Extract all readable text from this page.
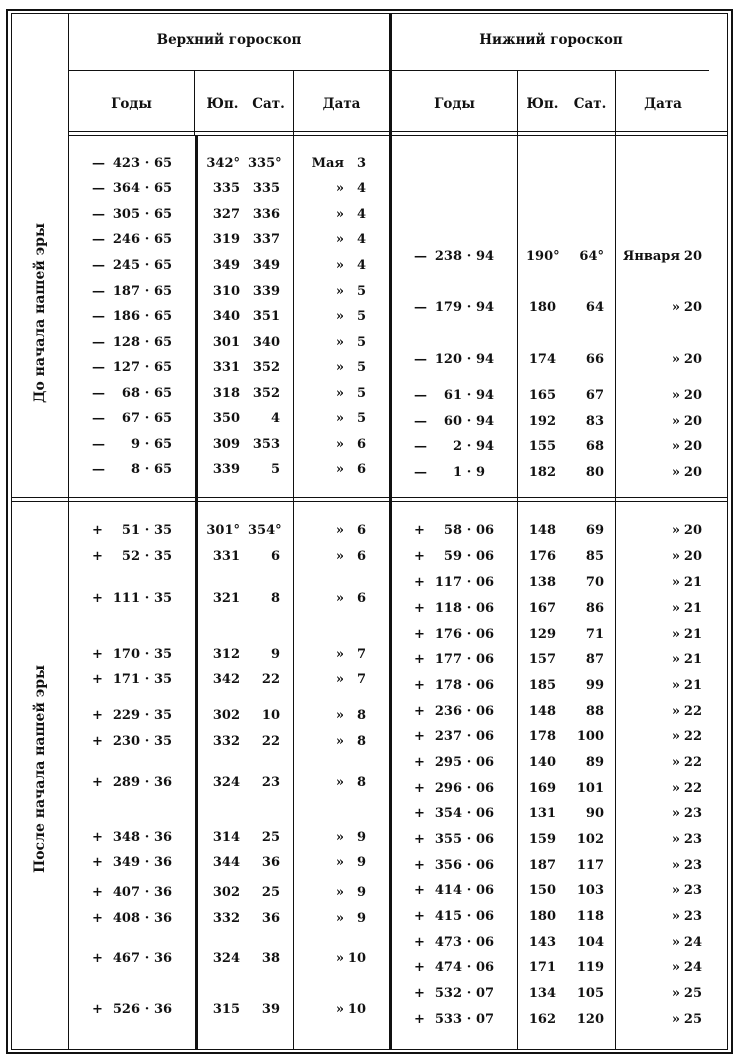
Верхний гороскоп	Нижний гороскоп
Годы	Юп.	Сат.	Дата	Годы	Юп.	Сат.	Дата
До начала нашей эры
После начала нашей эры
— 423 · 65	342° 335°	Мая 3
— 364 · 65	335 335	» 4
— 305 · 65	327 336	» 4
— 246 · 65	319 337	» 4
— 245 · 65	349 349	» 4
— 187 · 65	310 339	» 5
— 186 · 65	340 351	» 5
— 128 · 65	301 340	» 5
— 127 · 65	331 352	» 5
— 68 · 65	318 352	» 5
— 67 · 65	350	4	» 5
— 9 · 65	309 353	» 6
— 8 · 65	339	5	» 6
+ 51 · 35	301° 354°	» 6
+ 52 · 35	331	6	» 6
+ 111 · 35	321	8	» 6
+ 170 · 35	312	9	» 7
+ 171 · 35	342	22	» 7
+ 229 · 35	302	10	» 8
+ 230 · 35	332	22	» 8
+ 289 · 36	324	23	» 8
+ 348 · 36	314	25	» 9
+ 349 · 36	344	36	» 9
+ 407 · 36	302	25	» 9
+ 408 · 36	332	36	» 9
+ 467 · 36	324	38	» 10
+ 526 · 36	315	39	» 10
— 238 · 94	190°	64° Января 20
— 179 · 94	180	64	» 20
— 120 · 94	174	66	» 20
— 61 · 94	165	67	» 20
— 60 · 94	192	83	» 20
— 2 · 94	155	68	» 20
— 1 · 9	182	80	» 20
+ 58 · 06	148	69	» 20
+ 59 · 06	176	85	» 20
+ 117 · 06	138	70	» 21
+ 118 · 06	167	86	» 21
+ 176 · 06	129	71	» 21
+ 177 · 06	157	87	» 21
+ 178 · 06	185	99	» 21
+ 236 · 06	148	88	» 22
+ 237 · 06	178	100	» 22
+ 295 · 06	140	89	» 22
+ 296 · 06	169	101	» 22
+ 354 · 06	131	90	» 23
+ 355 · 06	159	102	» 23
+ 356 · 06	187	117	» 23
+ 414 · 06	150	103	» 23
+ 415 · 06	180	118	» 23
+ 473 · 06	143	104	» 24
+ 474 · 06	171	119	» 24
+ 532 · 07	134	105	» 25
+ 533 · 07	162	120	» 25
